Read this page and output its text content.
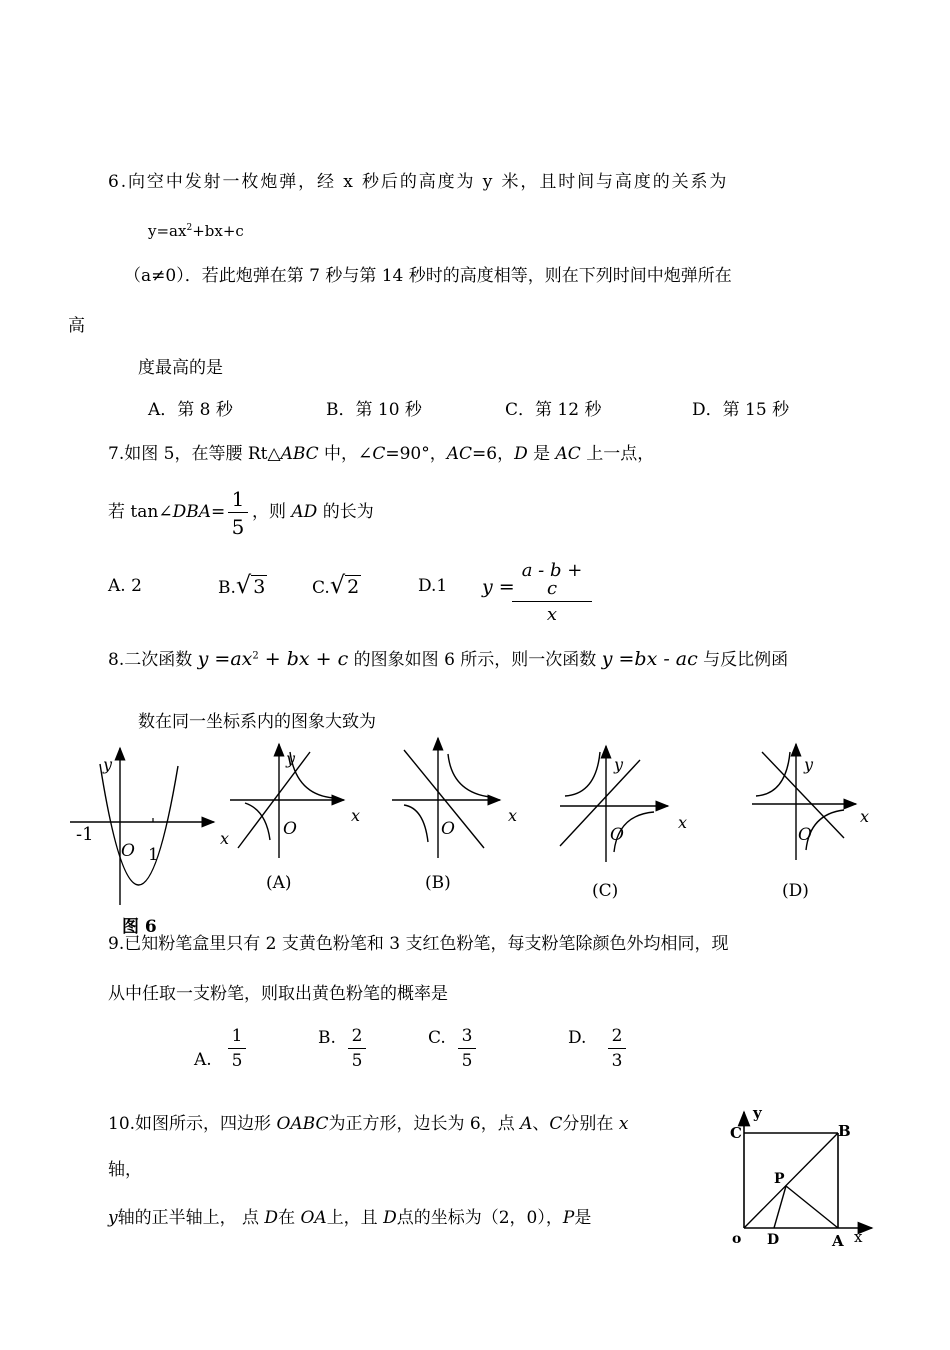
6.向空中发射一枚炮弹，经 x 秒后的高度为 y 米，且时间与高度的关系为
$y=ax^2+bx+c$
（a≠0）．若此炮弹在第 7 秒与第 14 秒时的高度相等，则在下列时间中炮弹所在
高
度最高的是
A．第 8 秒	B．第 10 秒	C．第 12 秒	D．第 15 秒
7.如图 5，在等腰 Rt△ABC 中，∠C=90°，AC=6，D 是 AC 上一点，
若 tan∠DBA= $\frac{1}{5}$ ，则 AD 的长为
A. 2	B.√ 3	C.√ 2	D.1 y =
$\frac{a - b + c}{x}$
8.二次函数 $y =ax^2$ + bx + c 的图象如图 6 所示，则一次函数 y =bx - ac 与反比例函
数在同一坐标系内的图象大致为
y
-1
O 1
图 6
y
x
x
O
(A)
x
O
(B)
y
x
O
(C)
y
x
O
(D)
y
C	B
P
o D	A x
9.已知粉笔盒里只有 2 支黄色粉笔和 3 支红色粉笔，每支粉笔除颜色外均相同，现
从中任取一支粉笔，则取出黄色粉笔的概率是
A. $\frac{1}{5}$	B. $\frac{2}{5}$	C. $\frac{3}{5}$	D. $\frac{2}{3}$
10.如图所示，四边形 OABC为正方形，边长为 6，点 A、C分别在 x
轴，
y轴的正半轴上， 点 D在 OA上，且 D点的坐标为（2，0），P是
